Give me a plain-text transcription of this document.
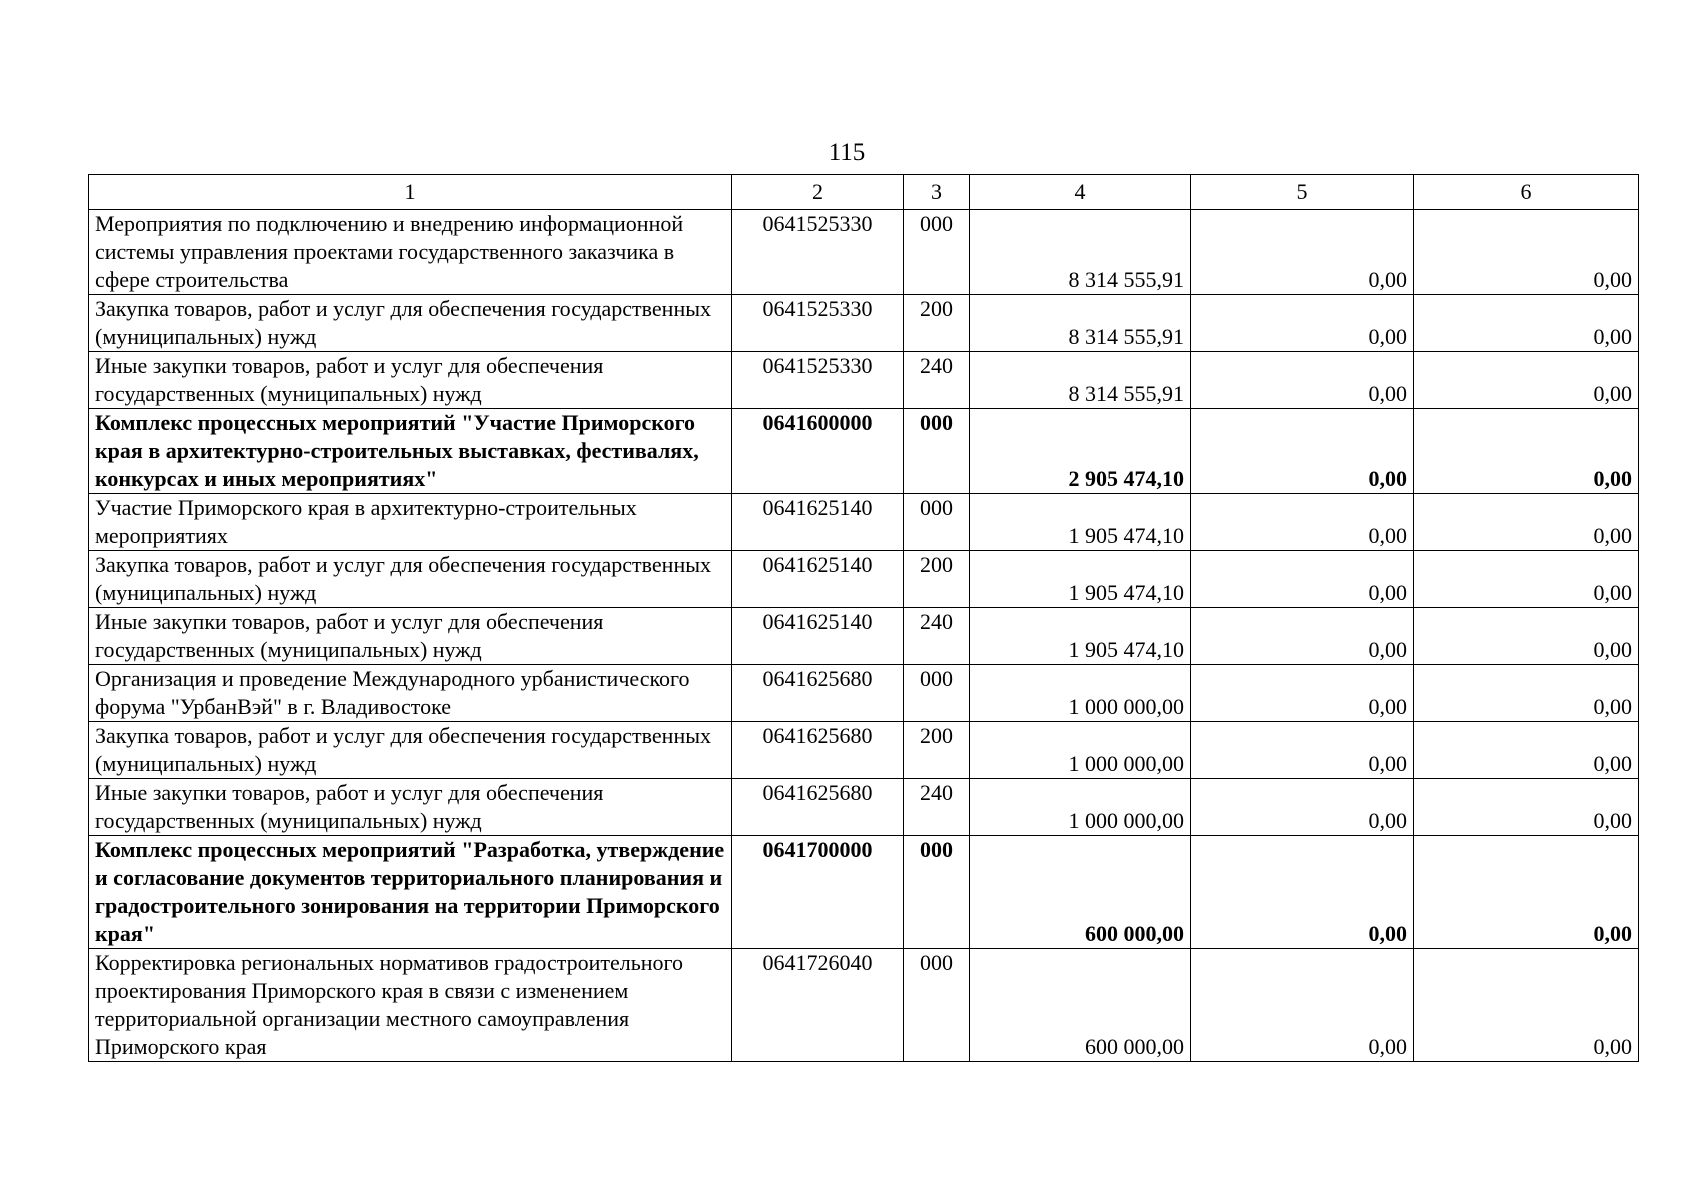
115
1	2	3	4	5	6
Мероприятия по подключению и внедрению информационной системы управления проектами государственного заказчика в сфере строительства	0641525330	000	8 314 555,91	0,00	0,00
Закупка товаров, работ и услуг для обеспечения государственных (муниципальных) нужд	0641525330	200	8 314 555,91	0,00	0,00
Иные закупки товаров, работ и услуг для обеспечения государственных (муниципальных) нужд	0641525330	240	8 314 555,91	0,00	0,00
Комплекс процессных мероприятий "Участие Приморского края в архитектурно-строительных выставках, фестивалях, конкурсах и иных мероприятиях"	0641600000	000	2 905 474,10	0,00	0,00
Участие Приморского края в архитектурно-строительных мероприятиях	0641625140	000	1 905 474,10	0,00	0,00
Закупка товаров, работ и услуг для обеспечения государственных (муниципальных) нужд	0641625140	200	1 905 474,10	0,00	0,00
Иные закупки товаров, работ и услуг для обеспечения государственных (муниципальных) нужд	0641625140	240	1 905 474,10	0,00	0,00
Организация и проведение Международного урбанистического форума "УрбанВэй" в г. Владивостоке	0641625680	000	1 000 000,00	0,00	0,00
Закупка товаров, работ и услуг для обеспечения государственных (муниципальных) нужд	0641625680	200	1 000 000,00	0,00	0,00
Иные закупки товаров, работ и услуг для обеспечения государственных (муниципальных) нужд	0641625680	240	1 000 000,00	0,00	0,00
Комплекс процессных мероприятий "Разработка, утверждение и согласование документов территориального планирования и градостроительного зонирования на территории Приморского края"	0641700000	000	600 000,00	0,00	0,00
Корректировка региональных нормативов градостроительного проектирования Приморского края в связи с изменением территориальной организации местного самоуправления Приморского края	0641726040	000	600 000,00	0,00	0,00
